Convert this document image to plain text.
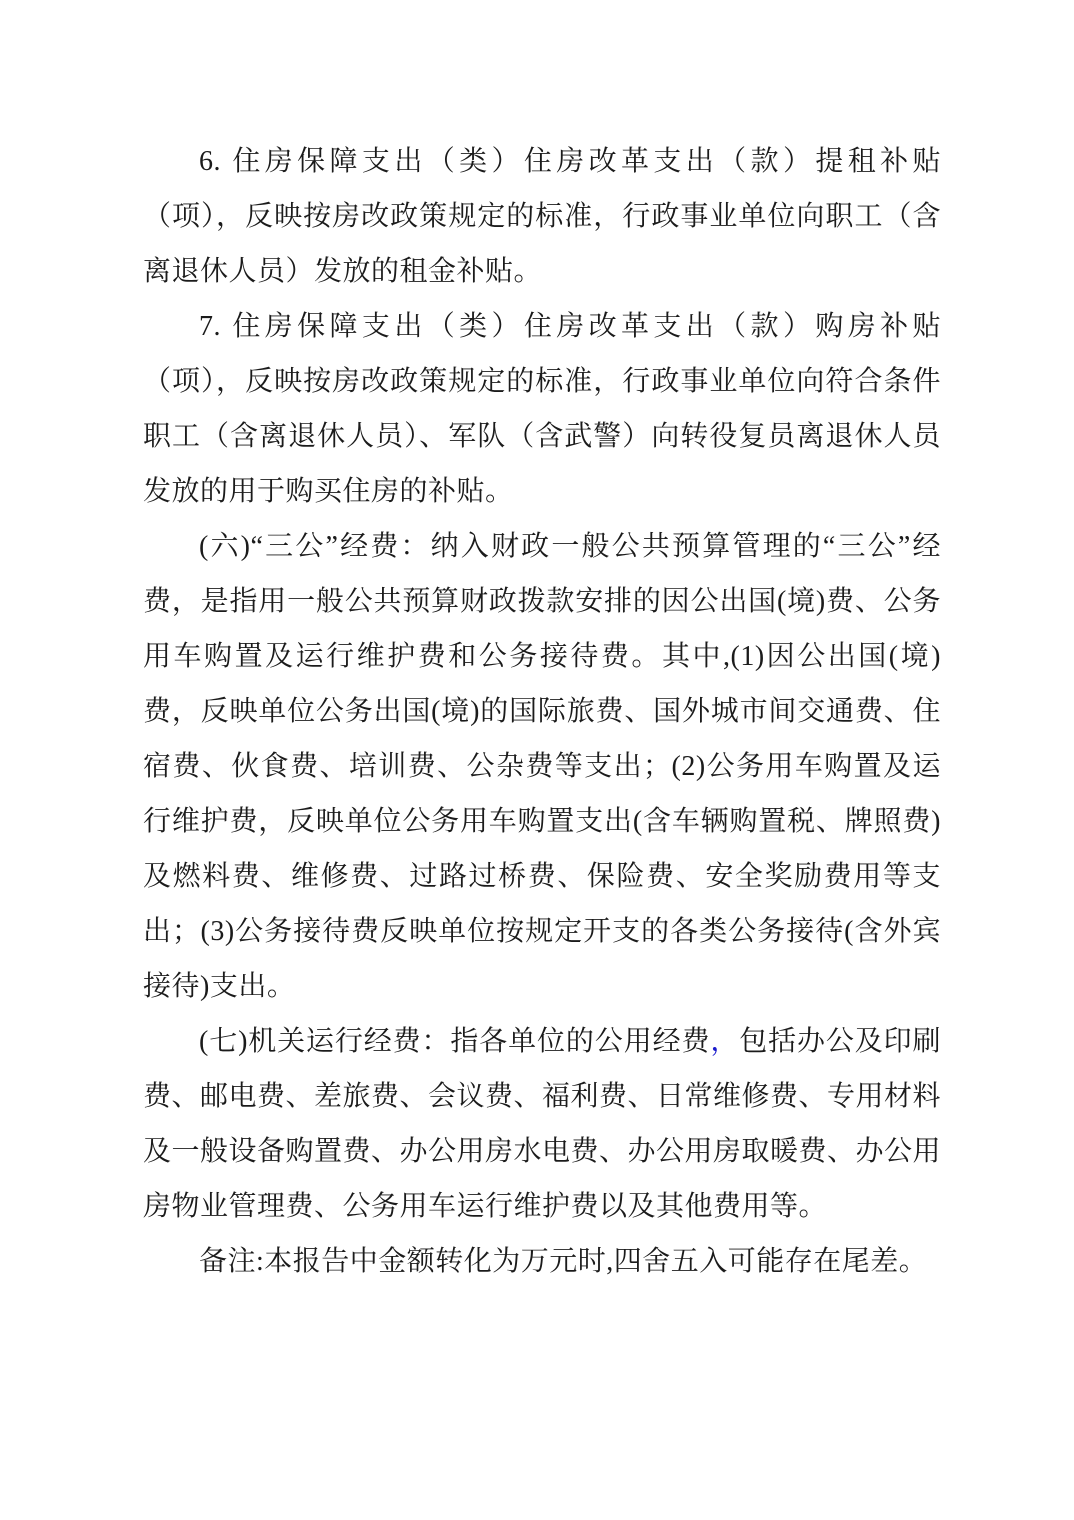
6. 住房保障支出（类）住房改革支出（款）提租补贴（项），反映按房改政策规定的标准，行政事业单位向职工（含离退休人员）发放的租金补贴。

7. 住房保障支出（类）住房改革支出（款）购房补贴（项），反映按房改政策规定的标准，行政事业单位向符合条件职工（含离退休人员）、军队（含武警）向转役复员离退休人员发放的用于购买住房的补贴。

(六)“三公”经费：纳入财政一般公共预算管理的“三公”经费，是指用一般公共预算财政拨款安排的因公出国(境)费、公务用车购置及运行维护费和公务接待费。其中,(1)因公出国(境)费，反映单位公务出国(境)的国际旅费、国外城市间交通费、住宿费、伙食费、培训费、公杂费等支出；(2)公务用车购置及运行维护费，反映单位公务用车购置支出(含车辆购置税、牌照费)及燃料费、维修费、过路过桥费、保险费、安全奖励费用等支出；(3)公务接待费反映单位按规定开支的各类公务接待(含外宾接待)支出。

(七)机关运行经费：指各单位的公用经费，包括办公及印刷费、邮电费、差旅费、会议费、福利费、日常维修费、专用材料及一般设备购置费、办公用房水电费、办公用房取暖费、办公用房物业管理费、公务用车运行维护费以及其他费用等。

备注:本报告中金额转化为万元时,四舍五入可能存在尾差。
